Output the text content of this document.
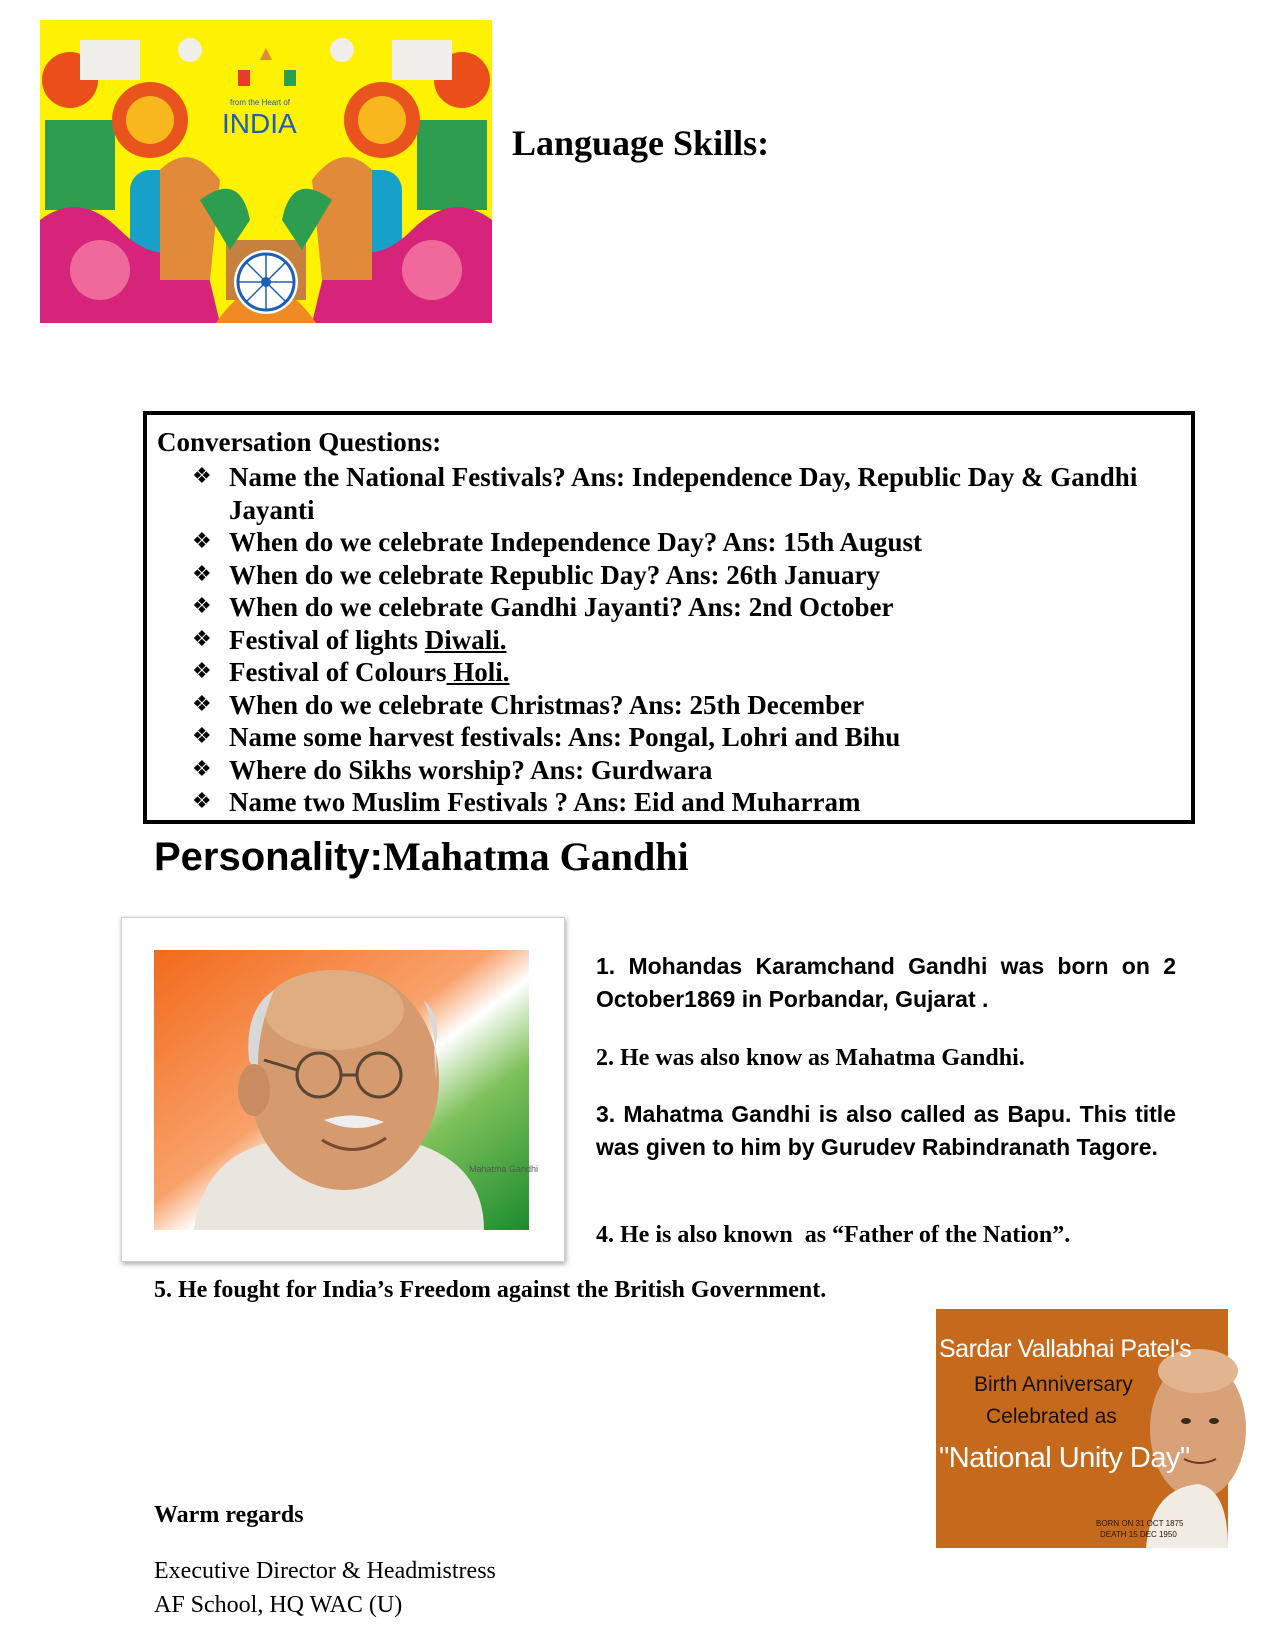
from the Heart of
INDIA	Language Skills:
Conversation Questions:
❖ Name the National Festivals? Ans: Independence Day, Republic Day & Gandhi Jayanti
❖ When do we celebrate Independence Day? Ans: 15th August
❖ When do we celebrate Republic Day? Ans: 26th January
❖ When do we celebrate Gandhi Jayanti? Ans: 2nd October
❖ Festival of lights Diwali.
❖ Festival of Colours Holi.
❖ When do we celebrate Christmas? Ans: 25th December
❖ Name some harvest festivals: Ans: Pongal, Lohri and Bihu
❖ Where do Sikhs worship? Ans: Gurdwara
❖ Name two Muslim Festivals ? Ans: Eid and Muharram
Personality:Mahatma Gandhi
Mahatma Gandhi
1. Mohandas Karamchand Gandhi was born on 2 October1869 in Porbandar, Gujarat .
2. He was also know as Mahatma Gandhi.
3. Mahatma Gandhi is also called as Bapu. This title was given to him by Gurudev Rabindranath Tagore.
4. He is also known  as “Father of the Nation”.
5. He fought for India’s Freedom against the British Government.
Sardar Vallabhai Patel's
Birth Anniversary
Celebrated as
"National Unity Day"
BORN ON 31 OCT 1875
DEATH 15 DEC 1950
Warm regards
Executive Director & Headmistress
AF School, HQ WAC (U)
